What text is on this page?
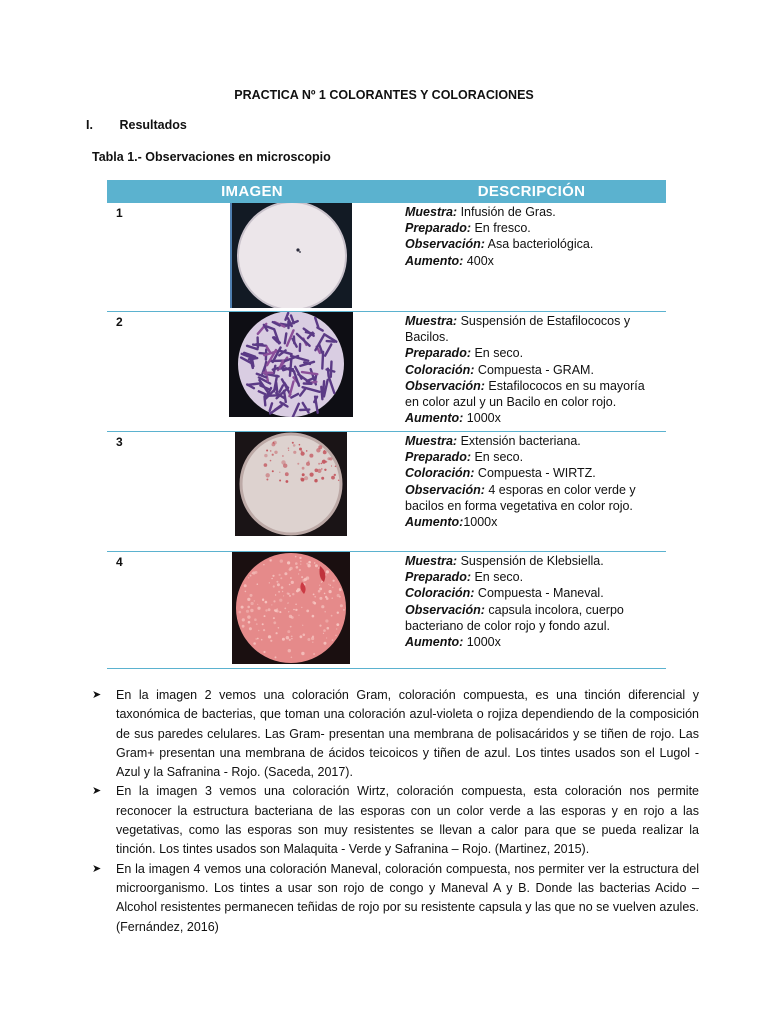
PRACTICA Nº 1 COLORANTES Y COLORACIONES
I. Resultados
Tabla 1.- Observaciones en microscopio
IMAGEN		DESCRIPCIÓN
1		Muestra: Infusión de Gras.
Preparado: En fresco.
Observación: Asa bacteriológica.
Aumento: 400x

2		Muestra: Suspensión de Estafilococos y Bacilos.
Preparado: En seco.
Coloración: Compuesta - GRAM.
Observación: Estafilococos en su mayoría en color azul y un Bacilo en color rojo.
Aumento: 1000x

3		Muestra: Extensión bacteriana.
Preparado: En seco.
Coloración: Compuesta - WIRTZ.
Observación: 4 esporas en color verde y bacilos en forma vegetativa en color rojo.
Aumento:1000x

4		Muestra: Suspensión de Klebsiella.
Preparado: En seco.
Coloración: Compuesta - Maneval.
Observación: capsula incolora, cuerpo bacteriano de color rojo y fondo azul.
Aumento: 1000x

➤ En la imagen 2 vemos una coloración Gram, coloración compuesta, es una tinción diferencial y taxonómica de bacterias, que toman una coloración azul-violeta o rojiza dependiendo de la composición de sus paredes celulares. Las Gram- presentan una membrana de polisacáridos y se tiñen de rojo. Las Gram+ presentan una membrana de ácidos teicoicos y tiñen de azul. Los tintes usados son el Lugol - Azul y la Safranina - Rojo. (Saceda, 2017).

➤ En la imagen 3 vemos una coloración Wirtz, coloración compuesta, esta coloración nos permite reconocer la estructura bacteriana de las esporas con un color verde a las esporas y en rojo a las vegetativas, como las esporas son muy resistentes se llevan a calor para que se pueda realizar la tinción. Los tintes usados son Malaquita - Verde y Safranina – Rojo. (Martinez, 2015).

➤ En la imagen 4 vemos una coloración Maneval, coloración compuesta, nos permiter ver la estructura del microorganismo. Los tintes a usar son rojo de congo y Maneval A y B. Donde las bacterias Acido – Alcohol resistentes permanecen teñidas de rojo por su resistente capsula y las que no se vuelven azules. (Fernández, 2016)
